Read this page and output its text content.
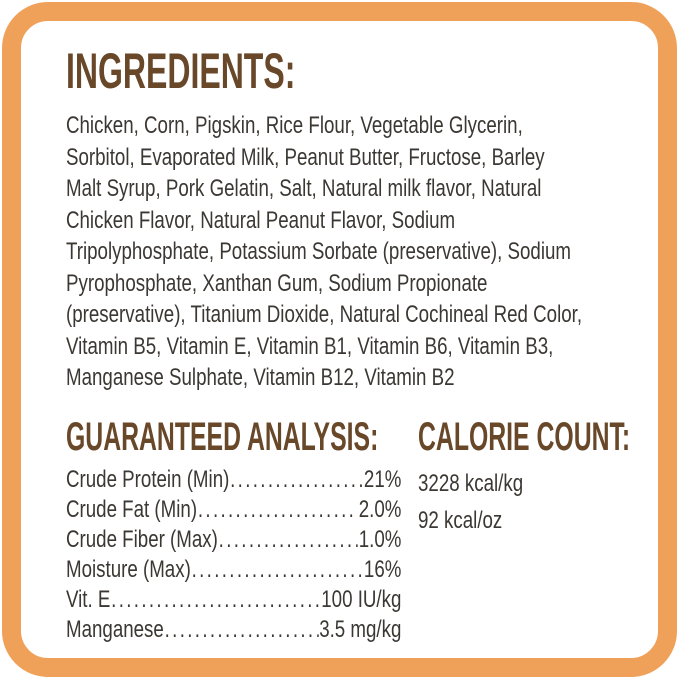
INGREDIENTS:
Chicken, Corn, Pigskin, Rice Flour, Vegetable Glycerin,
Sorbitol, Evaporated Milk, Peanut Butter, Fructose, Barley
Malt Syrup, Pork Gelatin, Salt, Natural milk flavor, Natural
Chicken Flavor, Natural Peanut Flavor, Sodium
Tripolyphosphate, Potassium Sorbate (preservative), Sodium
Pyrophosphate, Xanthan Gum, Sodium Propionate
(preservative), Titanium Dioxide, Natural Cochineal Red Color,
Vitamin B5, Vitamin E, Vitamin B1, Vitamin B6, Vitamin B3,
Manganese Sulphate, Vitamin B12, Vitamin B2
GUARANTEED ANALYSIS:
Crude Protein (Min) .....	21%
Crude Fat (Min) .....	2.0%
Crude Fiber (Max) .....	1.0%
Moisture (Max) .....	16%
Vit. E .....	100 IU/kg
Manganese .....	3.5 mg/kg
CALORIE COUNT:
3228 kcal/kg
92 kcal/oz
